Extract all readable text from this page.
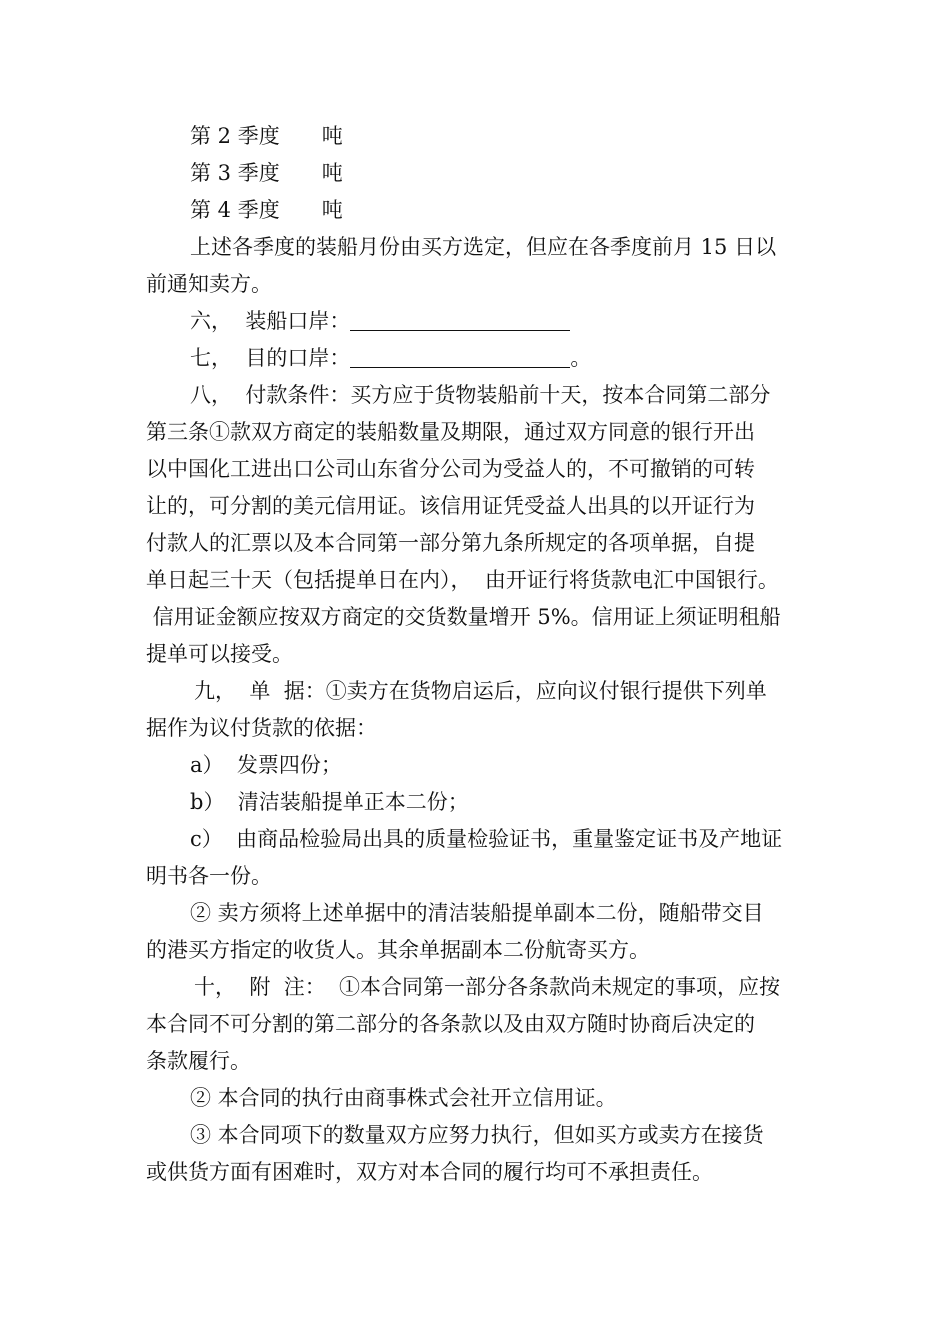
第 2 季度　　吨
第 3 季度　　吨
第 4 季度　　吨
上述各季度的装船月份由买方选定，但应在各季度前月 15 日以
前通知卖方。
六，  装船口岸：
七，  目的口岸：	。
八，  付款条件：买方应于货物装船前十天，按本合同第二部分
第三条①款双方商定的装船数量及期限，通过双方同意的银行开出
以中国化工进出口公司山东省分公司为受益人的，不可撤销的可转
让的，可分割的美元信用证。该信用证凭受益人出具的以开证行为
付款人的汇票以及本合同第一部分第九条所规定的各项单据，自提
单日起三十天（包括提单日在内），  由开证行将货款电汇中国银行。
信用证金额应按双方商定的交货数量增开 5%。信用证上须证明租船
提单可以接受。
九，  单  据：①卖方在货物启运后，应向议付银行提供下列单
据作为议付货款的依据：
a）  发票四份；
b）  清洁装船提单正本二份；
c）  由商品检验局出具的质量检验证书，重量鉴定证书及产地证
明书各一份。
② 卖方须将上述单据中的清洁装船提单副本二份，随船带交目
的港买方指定的收货人。其余单据副本二份航寄买方。
十，  附  注：  ①本合同第一部分各条款尚未规定的事项，应按
本合同不可分割的第二部分的各条款以及由双方随时协商后决定的
条款履行。
② 本合同的执行由商事株式会社开立信用证。
③ 本合同项下的数量双方应努力执行，但如买方或卖方在接货
或供货方面有困难时，双方对本合同的履行均可不承担责任。
